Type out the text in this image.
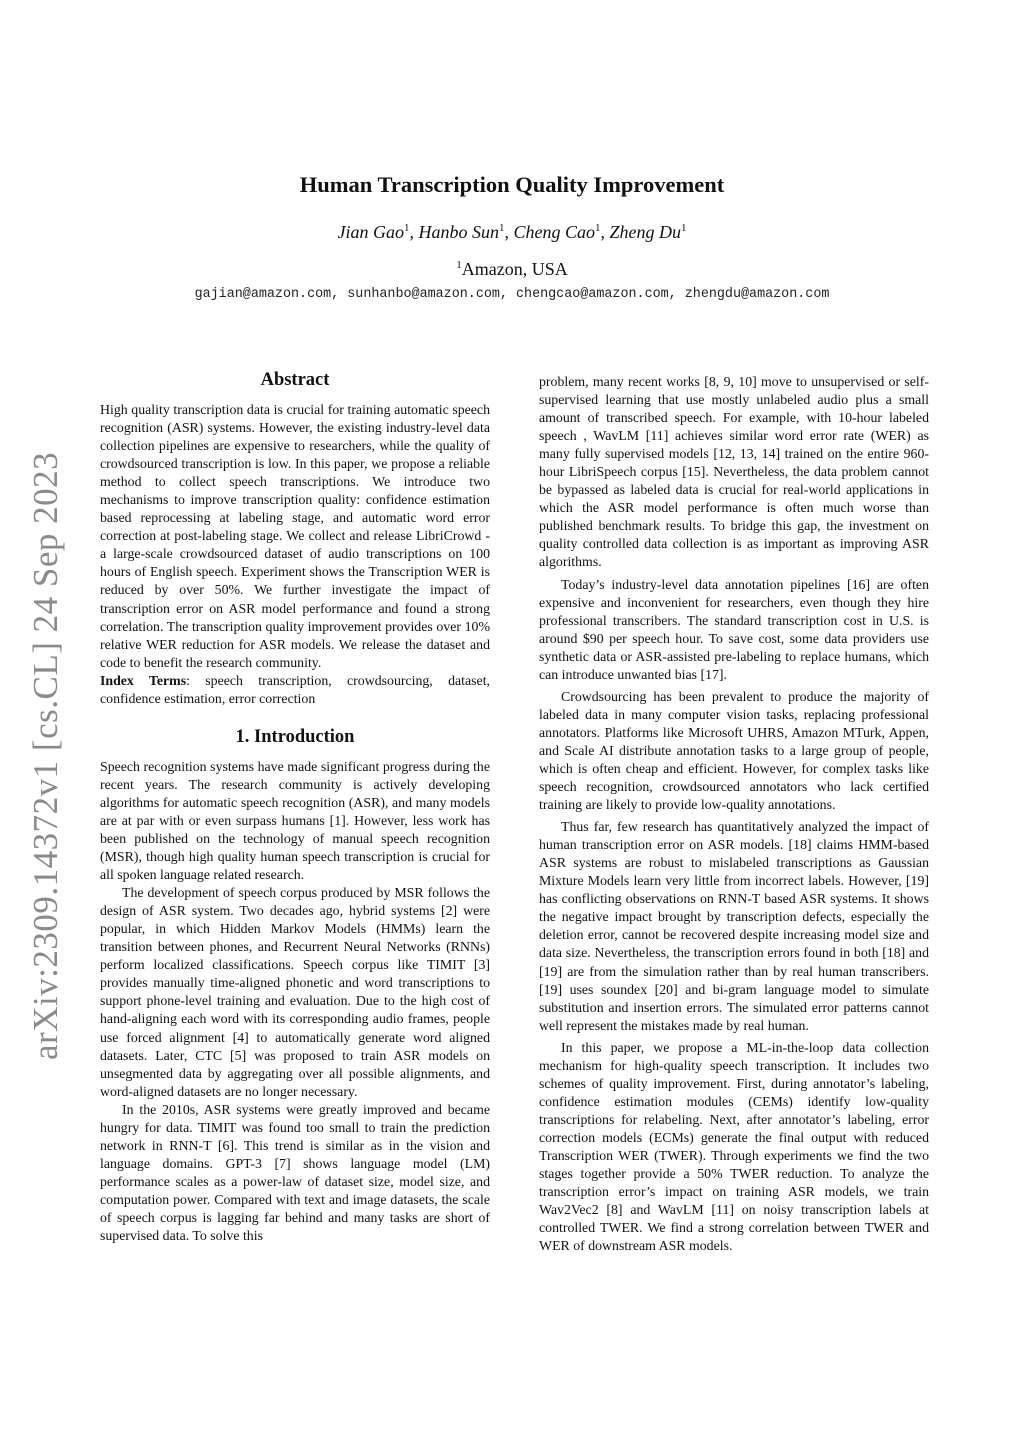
arXiv:2309.14372v1 [cs.CL] 24 Sep 2023
Human Transcription Quality Improvement
Jian Gao$^1$, Hanbo Sun$^1$, Cheng Cao$^1$, Zheng Du$^1$
$^1$Amazon, USA
gajian@amazon.com, sunhanbo@amazon.com, chengcao@amazon.com, zhengdu@amazon.com
Abstract

High quality transcription data is crucial for training automatic speech recognition (ASR) systems. However, the existing industry-level data collection pipelines are expensive to researchers, while the quality of crowdsourced transcription is low. In this paper, we propose a reliable method to collect speech transcriptions. We introduce two mechanisms to improve transcription quality: confidence estimation based reprocessing at labeling stage, and automatic word error correction at post-labeling stage. We collect and release LibriCrowd - a large-scale crowdsourced dataset of audio transcriptions on 100 hours of English speech. Experiment shows the Transcription WER is reduced by over 50%. We further investigate the impact of transcription error on ASR model performance and found a strong correlation. The transcription quality improvement provides over 10% relative WER reduction for ASR models. We release the dataset and code to benefit the research community.

Index Terms: speech transcription, crowdsourcing, dataset, confidence estimation, error correction

1. Introduction

Speech recognition systems have made significant progress during the recent years. The research community is actively developing algorithms for automatic speech recognition (ASR), and many models are at par with or even surpass humans [1]. However, less work has been published on the technology of manual speech recognition (MSR), though high quality human speech transcription is crucial for all spoken language related research.

The development of speech corpus produced by MSR follows the design of ASR system. Two decades ago, hybrid systems [2] were popular, in which Hidden Markov Models (HMMs) learn the transition between phones, and Recurrent Neural Networks (RNNs) perform localized classifications. Speech corpus like TIMIT [3] provides manually time-aligned phonetic and word transcriptions to support phone-level training and evaluation. Due to the high cost of hand-aligning each word with its corresponding audio frames, people use forced alignment [4] to automatically generate word aligned datasets. Later, CTC [5] was proposed to train ASR models on unsegmented data by aggregating over all possible alignments, and word-aligned datasets are no longer necessary.

In the 2010s, ASR systems were greatly improved and became hungry for data. TIMIT was found too small to train the prediction network in RNN-T [6]. This trend is similar as in the vision and language domains. GPT-3 [7] shows language model (LM) performance scales as a power-law of dataset size, model size, and computation power. Compared with text and image datasets, the scale of speech corpus is lagging far behind and many tasks are short of supervised data. To solve this

problem, many recent works [8, 9, 10] move to unsupervised or self-supervised learning that use mostly unlabeled audio plus a small amount of transcribed speech. For example, with 10-hour labeled speech , WavLM [11] achieves similar word error rate (WER) as many fully supervised models [12, 13, 14] trained on the entire 960-hour LibriSpeech corpus [15]. Nevertheless, the data problem cannot be bypassed as labeled data is crucial for real-world applications in which the ASR model performance is often much worse than published benchmark results. To bridge this gap, the investment on quality controlled data collection is as important as improving ASR algorithms.

Today’s industry-level data annotation pipelines [16] are often expensive and inconvenient for researchers, even though they hire professional transcribers. The standard transcription cost in U.S. is around $90 per speech hour. To save cost, some data providers use synthetic data or ASR-assisted pre-labeling to replace humans, which can introduce unwanted bias [17].

Crowdsourcing has been prevalent to produce the majority of labeled data in many computer vision tasks, replacing professional annotators. Platforms like Microsoft UHRS, Amazon MTurk, Appen, and Scale AI distribute annotation tasks to a large group of people, which is often cheap and efficient. However, for complex tasks like speech recognition, crowdsourced annotators who lack certified training are likely to provide low-quality annotations.

Thus far, few research has quantitatively analyzed the impact of human transcription error on ASR models. [18] claims HMM-based ASR systems are robust to mislabeled transcriptions as Gaussian Mixture Models learn very little from incorrect labels. However, [19] has conflicting observations on RNN-T based ASR systems. It shows the negative impact brought by transcription defects, especially the deletion error, cannot be recovered despite increasing model size and data size. Nevertheless, the transcription errors found in both [18] and [19] are from the simulation rather than by real human transcribers. [19] uses soundex [20] and bi-gram language model to simulate substitution and insertion errors. The simulated error patterns cannot well represent the mistakes made by real human.

In this paper, we propose a ML-in-the-loop data collection mechanism for high-quality speech transcription. It includes two schemes of quality improvement. First, during annotator’s labeling, confidence estimation modules (CEMs) identify low-quality transcriptions for relabeling. Next, after annotator’s labeling, error correction models (ECMs) generate the final output with reduced Transcription WER (TWER). Through experiments we find the two stages together provide a 50% TWER reduction. To analyze the transcription error’s impact on training ASR models, we train Wav2Vec2 [8] and WavLM [11] on noisy transcription labels at controlled TWER. We find a strong correlation between TWER and WER of downstream ASR models.
